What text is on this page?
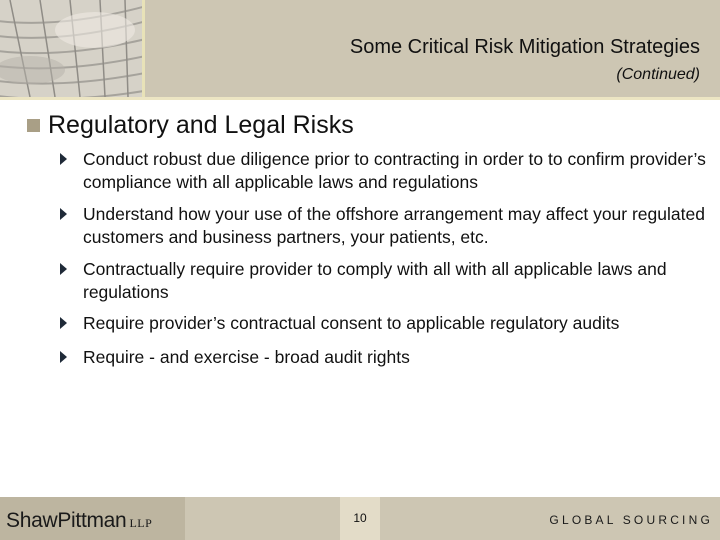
Some Critical Risk Mitigation Strategies
(Continued)
Regulatory and Legal Risks
Conduct robust due diligence prior to contracting in order to to confirm provider’s compliance with all applicable laws and regulations
Understand how your use of the offshore arrangement may affect your regulated customers and business partners, your patients, etc.
Contractually require provider to comply with all with all applicable laws and regulations
Require provider’s contractual consent to applicable regulatory audits
Require - and exercise - broad audit rights
ShawPittman LLP	10	GLOBAL SOURCING
